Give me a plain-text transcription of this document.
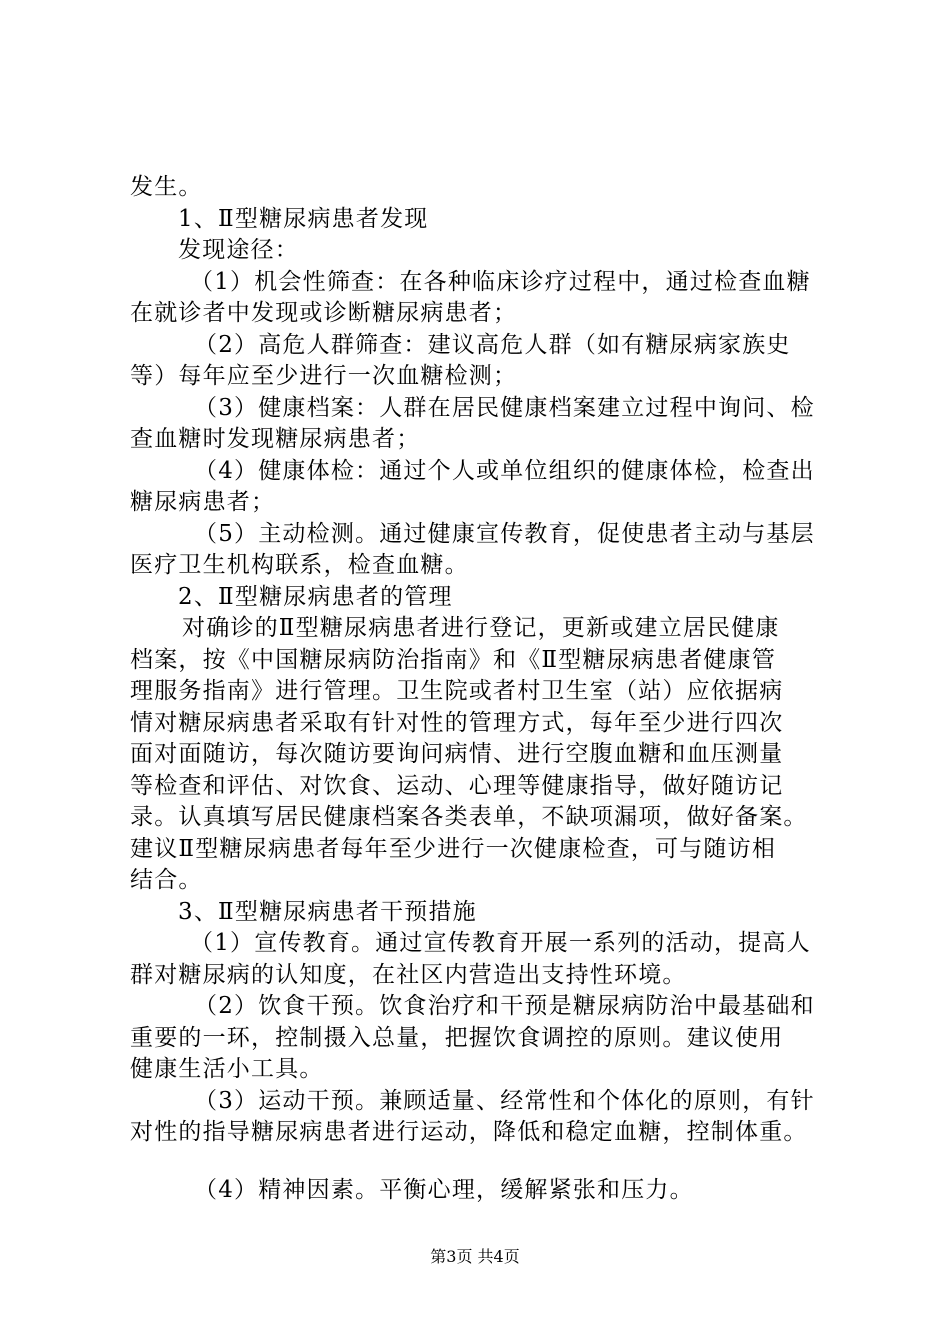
发生。
1、Ⅱ型糖尿病患者发现
发现途径：
（1）机会性筛查：在各种临床诊疗过程中，通过检查血糖
在就诊者中发现或诊断糖尿病患者；
（2）高危人群筛查：建议高危人群（如有糖尿病家族史
等）每年应至少进行一次血糖检测；
（3）健康档案：人群在居民健康档案建立过程中询问、检
查血糖时发现糖尿病患者；
（4）健康体检：通过个人或单位组织的健康体检，检查出
糖尿病患者；
（5）主动检测。通过健康宣传教育，促使患者主动与基层
医疗卫生机构联系，检查血糖。
2、Ⅱ型糖尿病患者的管理
对确诊的Ⅱ型糖尿病患者进行登记，更新或建立居民健康
档案，按《中国糖尿病防治指南》和《Ⅱ型糖尿病患者健康管
理服务指南》进行管理。卫生院或者村卫生室（站）应依据病
情对糖尿病患者采取有针对性的管理方式，每年至少进行四次
面对面随访，每次随访要询问病情、进行空腹血糖和血压测量
等检查和评估、对饮食、运动、心理等健康指导，做好随访记
录。认真填写居民健康档案各类表单，不缺项漏项，做好备案。
建议Ⅱ型糖尿病患者每年至少进行一次健康检查，可与随访相
结合。
3、Ⅱ型糖尿病患者干预措施
（1）宣传教育。通过宣传教育开展一系列的活动，提高人
群对糖尿病的认知度，在社区内营造出支持性环境。
（2）饮食干预。饮食治疗和干预是糖尿病防治中最基础和
重要的一环，控制摄入总量，把握饮食调控的原则。建议使用
健康生活小工具。
（3）运动干预。兼顾适量、经常性和个体化的原则，有针
对性的指导糖尿病患者进行运动，降低和稳定血糖，控制体重。
（4）精神因素。平衡心理，缓解紧张和压力。
第3页 共4页
